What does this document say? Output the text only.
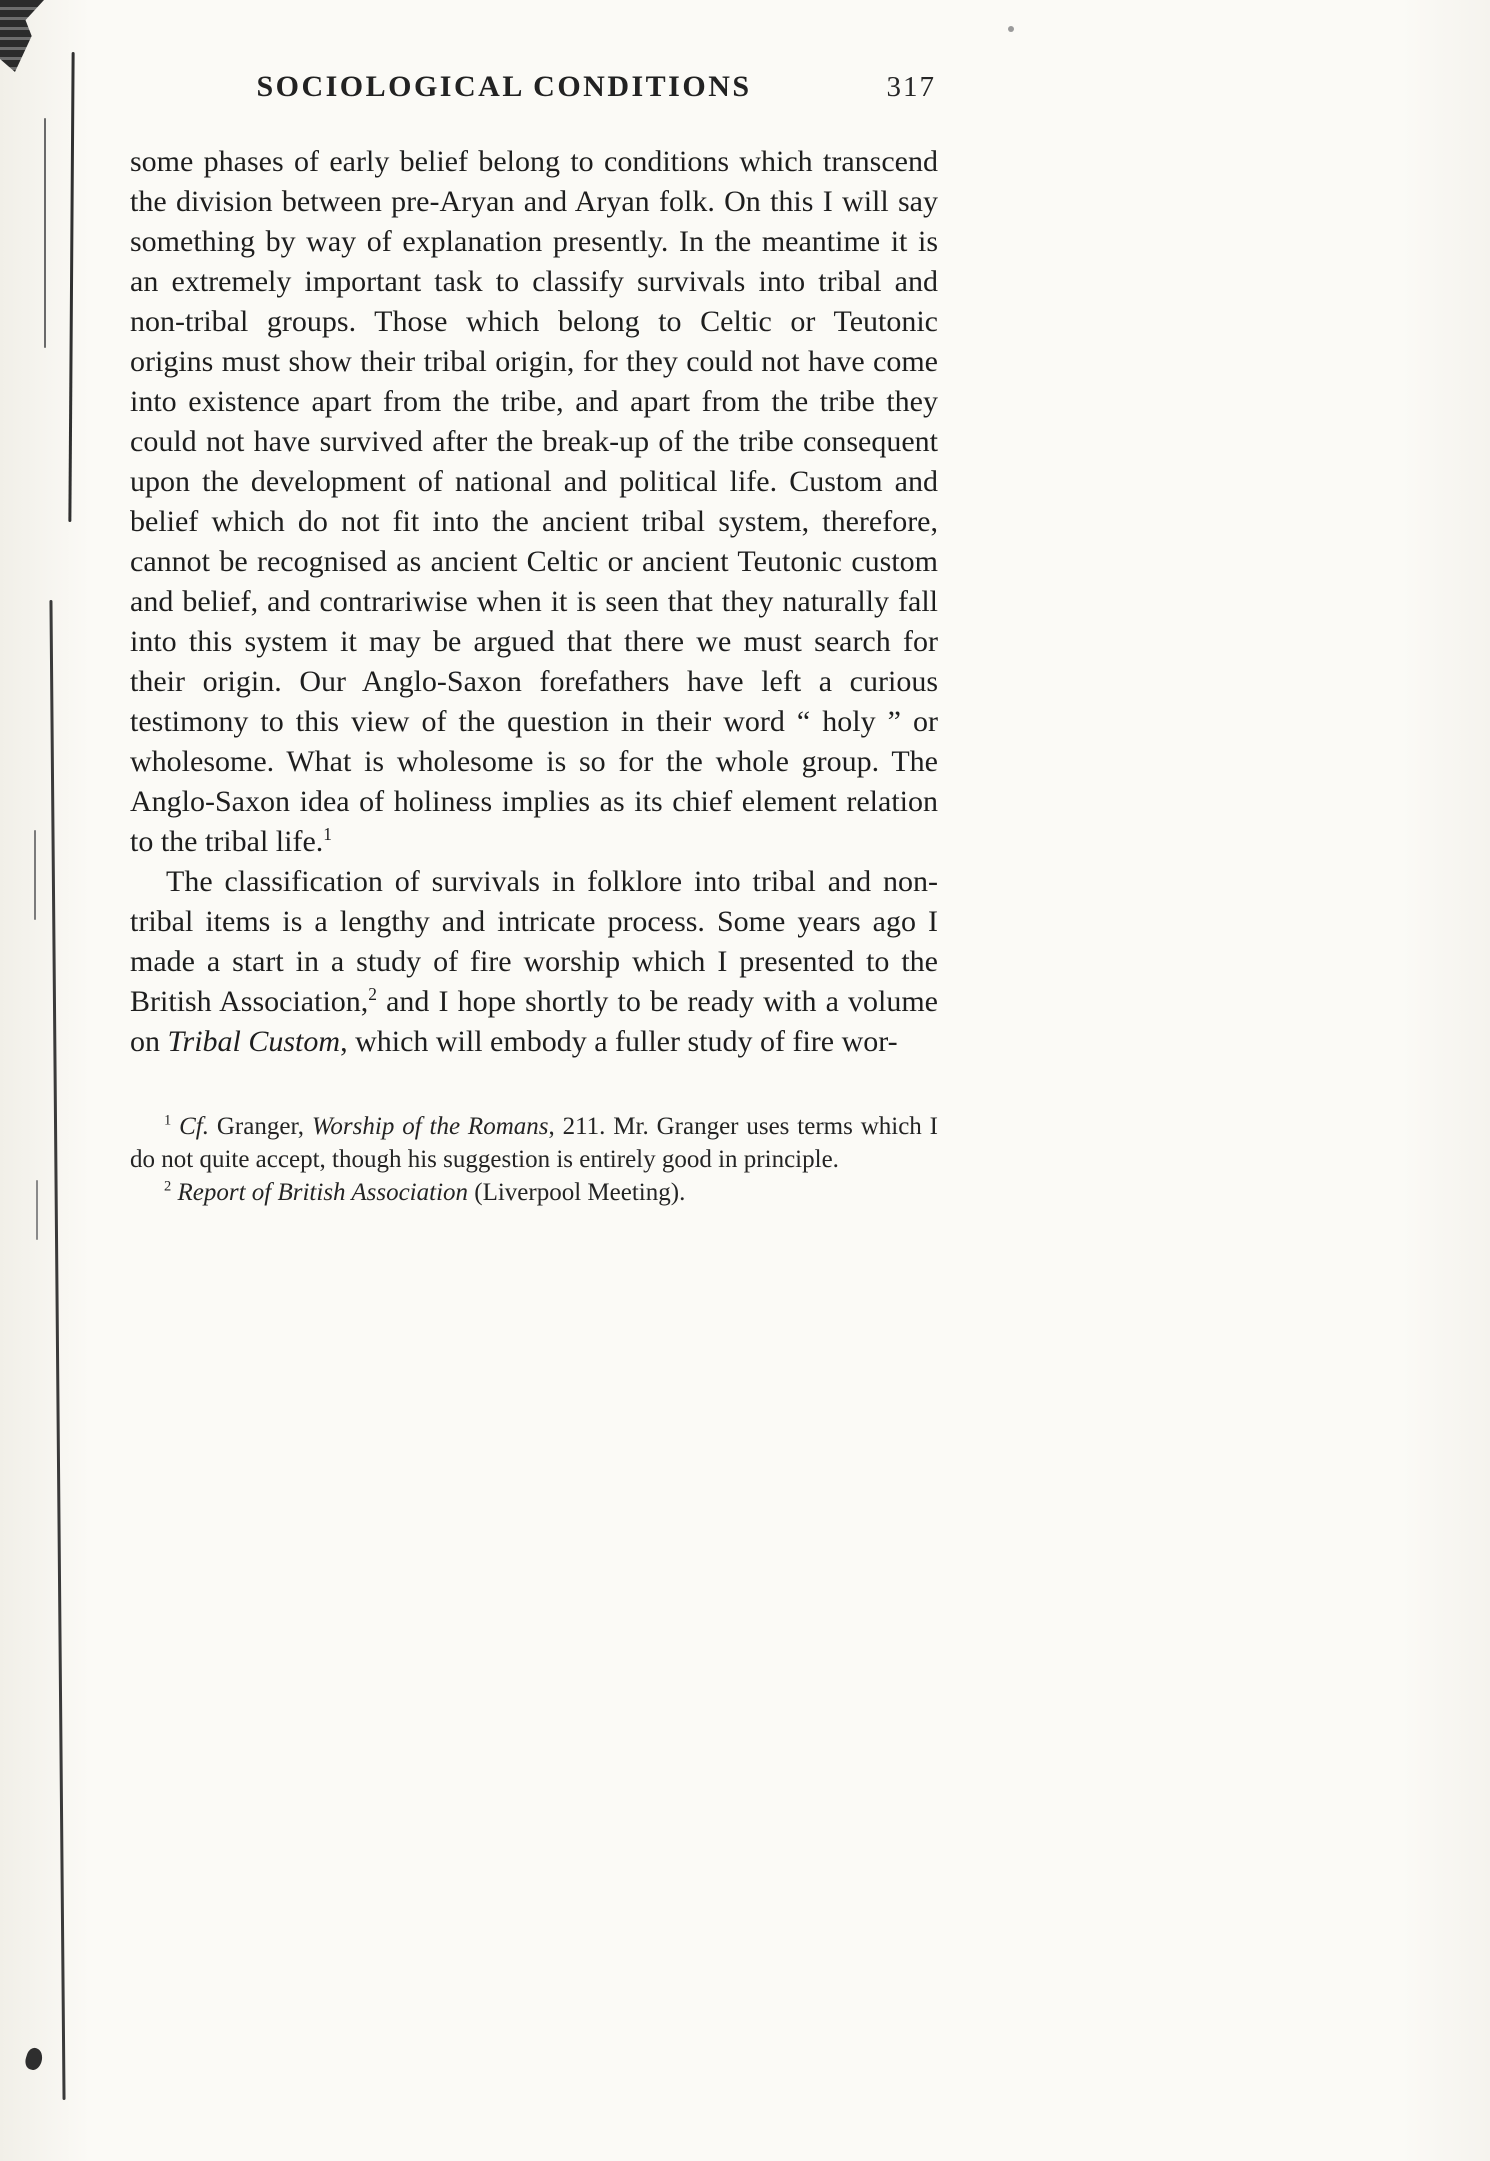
SOCIOLOGICAL CONDITIONS	317

some phases of early belief belong to conditions which transcend the division between pre-Aryan and Aryan folk. On this I will say something by way of explanation presently. In the meantime it is an extremely important task to classify survivals into tribal and non-tribal groups. Those which belong to Celtic or Teutonic origins must show their tribal origin, for they could not have come into existence apart from the tribe, and apart from the tribe they could not have survived after the break-up of the tribe consequent upon the development of national and political life. Custom and belief which do not fit into the ancient tribal system, therefore, cannot be recognised as ancient Celtic or ancient Teutonic custom and belief, and contrariwise when it is seen that they naturally fall into this system it may be argued that there we must search for their origin. Our Anglo-Saxon forefathers have left a curious testimony to this view of the question in their word “ holy ” or wholesome. What is wholesome is so for the whole group. The Anglo-Saxon idea of holiness implies as its chief element relation to the tribal life.$^1$

The classification of survivals in folklore into tribal and non-tribal items is a lengthy and intricate process. Some years ago I made a start in a study of fire worship which I presented to the British Association,$^2$ and I hope shortly to be ready with a volume on Tribal Custom, which will embody a fuller study of fire wor-

$^1$ Cf. Granger, Worship of the Romans, 211. Mr. Granger uses terms which I do not quite accept, though his suggestion is entirely good in principle.

$^2$ Report of British Association (Liverpool Meeting).
